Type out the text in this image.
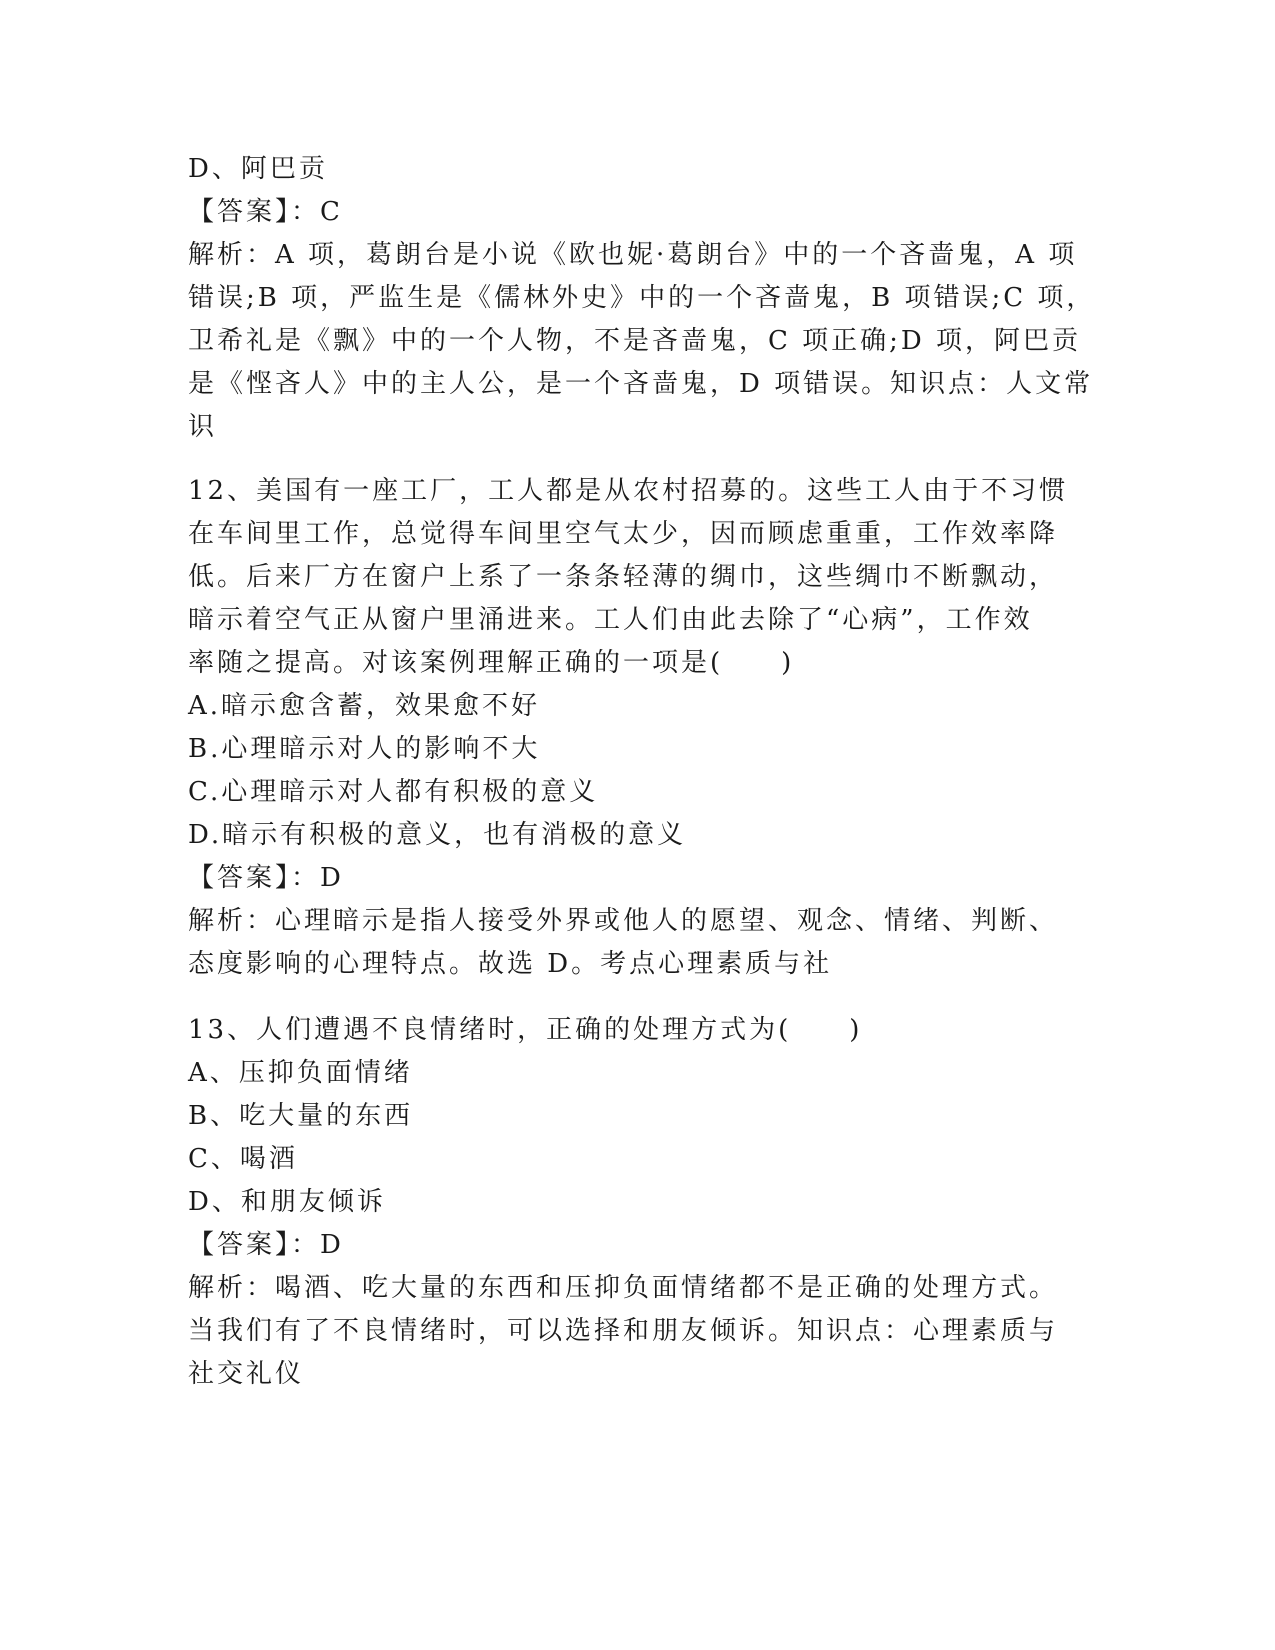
D、阿巴贡
【答案】：C
解析：A 项，葛朗台是小说《欧也妮·葛朗台》中的一个吝啬鬼，A 项
错误;B 项，严监生是《儒林外史》中的一个吝啬鬼，B 项错误;C 项，
卫希礼是《飘》中的一个人物，不是吝啬鬼，C 项正确;D 项，阿巴贡
是《悭吝人》中的主人公，是一个吝啬鬼，D 项错误。知识点：人文常
识
12、美国有一座工厂，工人都是从农村招募的。这些工人由于不习惯
在车间里工作，总觉得车间里空气太少，因而顾虑重重，工作效率降
低。后来厂方在窗户上系了一条条轻薄的绸巾，这些绸巾不断飘动，
暗示着空气正从窗户里涌进来。工人们由此去除了“心病”，工作效
率随之提高。对该案例理解正确的一项是(　　)
A.暗示愈含蓄，效果愈不好
B.心理暗示对人的影响不大
C.心理暗示对人都有积极的意义
D.暗示有积极的意义，也有消极的意义
【答案】：D
解析：心理暗示是指人接受外界或他人的愿望、观念、情绪、判断、
态度影响的心理特点。故选 D。考点心理素质与社
13、人们遭遇不良情绪时，正确的处理方式为(　　)
A、压抑负面情绪
B、吃大量的东西
C、喝酒
D、和朋友倾诉
【答案】：D
解析：喝酒、吃大量的东西和压抑负面情绪都不是正确的处理方式。
当我们有了不良情绪时，可以选择和朋友倾诉。知识点：心理素质与
社交礼仪
